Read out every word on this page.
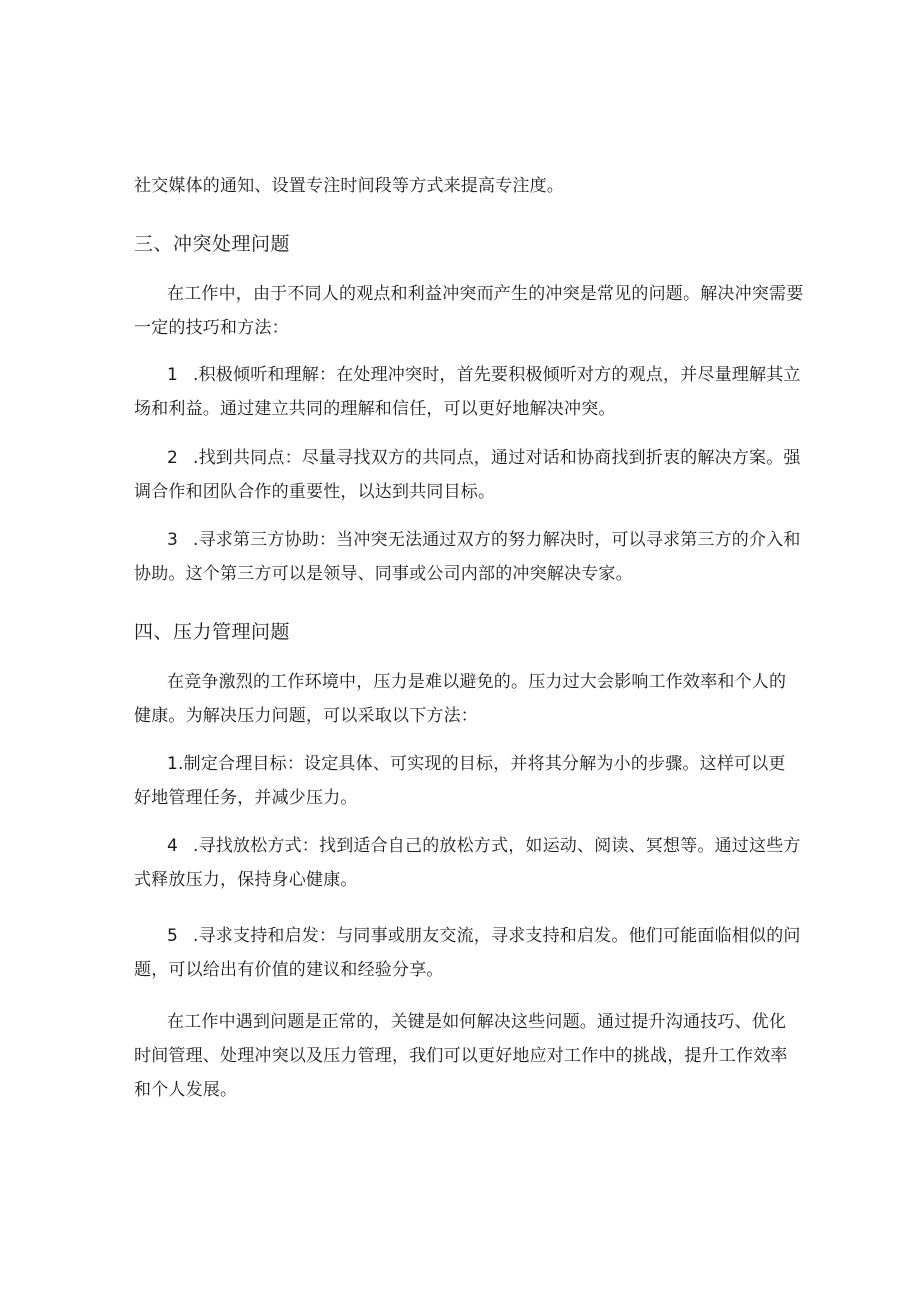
社交媒体的通知、设置专注时间段等方式来提高专注度。
三、冲突处理问题
在工作中，由于不同人的观点和利益冲突而产生的冲突是常见的问题。解决冲突需要
一定的技巧和方法：
1 .积极倾听和理解：在处理冲突时，首先要积极倾听对方的观点，并尽量理解其立
场和利益。通过建立共同的理解和信任，可以更好地解决冲突。
2 .找到共同点：尽量寻找双方的共同点，通过对话和协商找到折衷的解决方案。强
调合作和团队合作的重要性，以达到共同目标。
3 .寻求第三方协助：当冲突无法通过双方的努力解决时，可以寻求第三方的介入和
协助。这个第三方可以是领导、同事或公司内部的冲突解决专家。
四、压力管理问题
在竞争激烈的工作环境中，压力是难以避免的。压力过大会影响工作效率和个人的
健康。为解决压力问题，可以采取以下方法：
1.制定合理目标：设定具体、可实现的目标，并将其分解为小的步骤。这样可以更
好地管理任务，并减少压力。
4 .寻找放松方式：找到适合自己的放松方式，如运动、阅读、冥想等。通过这些方
式释放压力，保持身心健康。
5 .寻求支持和启发：与同事或朋友交流，寻求支持和启发。他们可能面临相似的问
题，可以给出有价值的建议和经验分享。
在工作中遇到问题是正常的，关键是如何解决这些问题。通过提升沟通技巧、优化
时间管理、处理冲突以及压力管理，我们可以更好地应对工作中的挑战，提升工作效率
和个人发展。
